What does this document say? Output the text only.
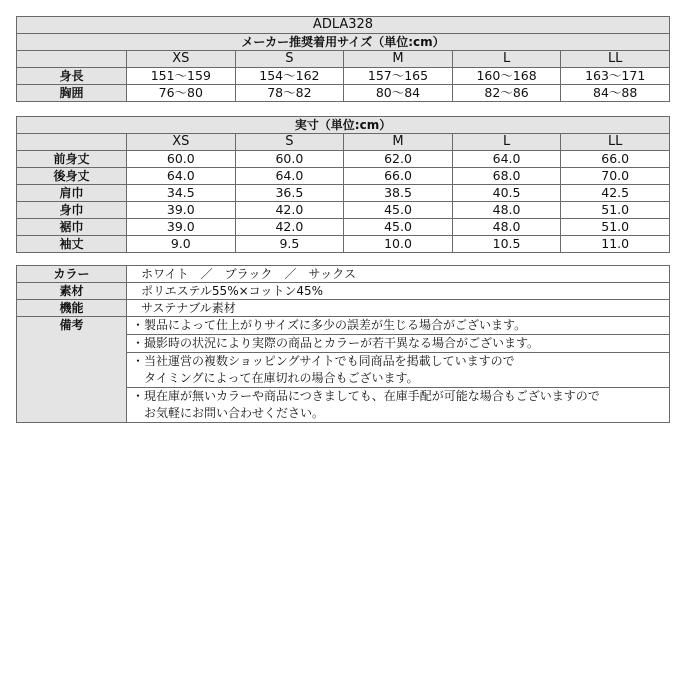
ADLA328					
メーカー推奨着用サイズ（単位:cm）					
	XS	S	M	L	LL
身長	151〜159	154〜162	157〜165	160〜168	163〜171
胸囲	76〜80	78〜82	80〜84	82〜86	84〜88
実寸（単位:cm）					
	XS	S	M	L	LL
前身丈	60.0	60.0	62.0	64.0	66.0
後身丈	64.0	64.0	66.0	68.0	70.0
肩巾	34.5	36.5	38.5	40.5	42.5
身巾	39.0	42.0	45.0	48.0	51.0
裾巾	39.0	42.0	45.0	48.0	51.0
袖丈	9.0	9.5	10.0	10.5	11.0
カラー	ホワイト　／　ブラック　／　サックス
素材	ポリエステル55%×コットン45%
機能	サステナブル素材
備考	・製品によって仕上がりサイズに多少の誤差が生じる場合がございます。

	・撮影時の状況により実際の商品とカラーが若干異なる場合がございます。

	・当社運営の複数ショッピングサイトでも同商品を掲載していますので
タイミングによって在庫切れの場合もございます。

	・現在庫が無いカラーや商品につきましても、在庫手配が可能な場合もございますので
お気軽にお問い合わせください。
